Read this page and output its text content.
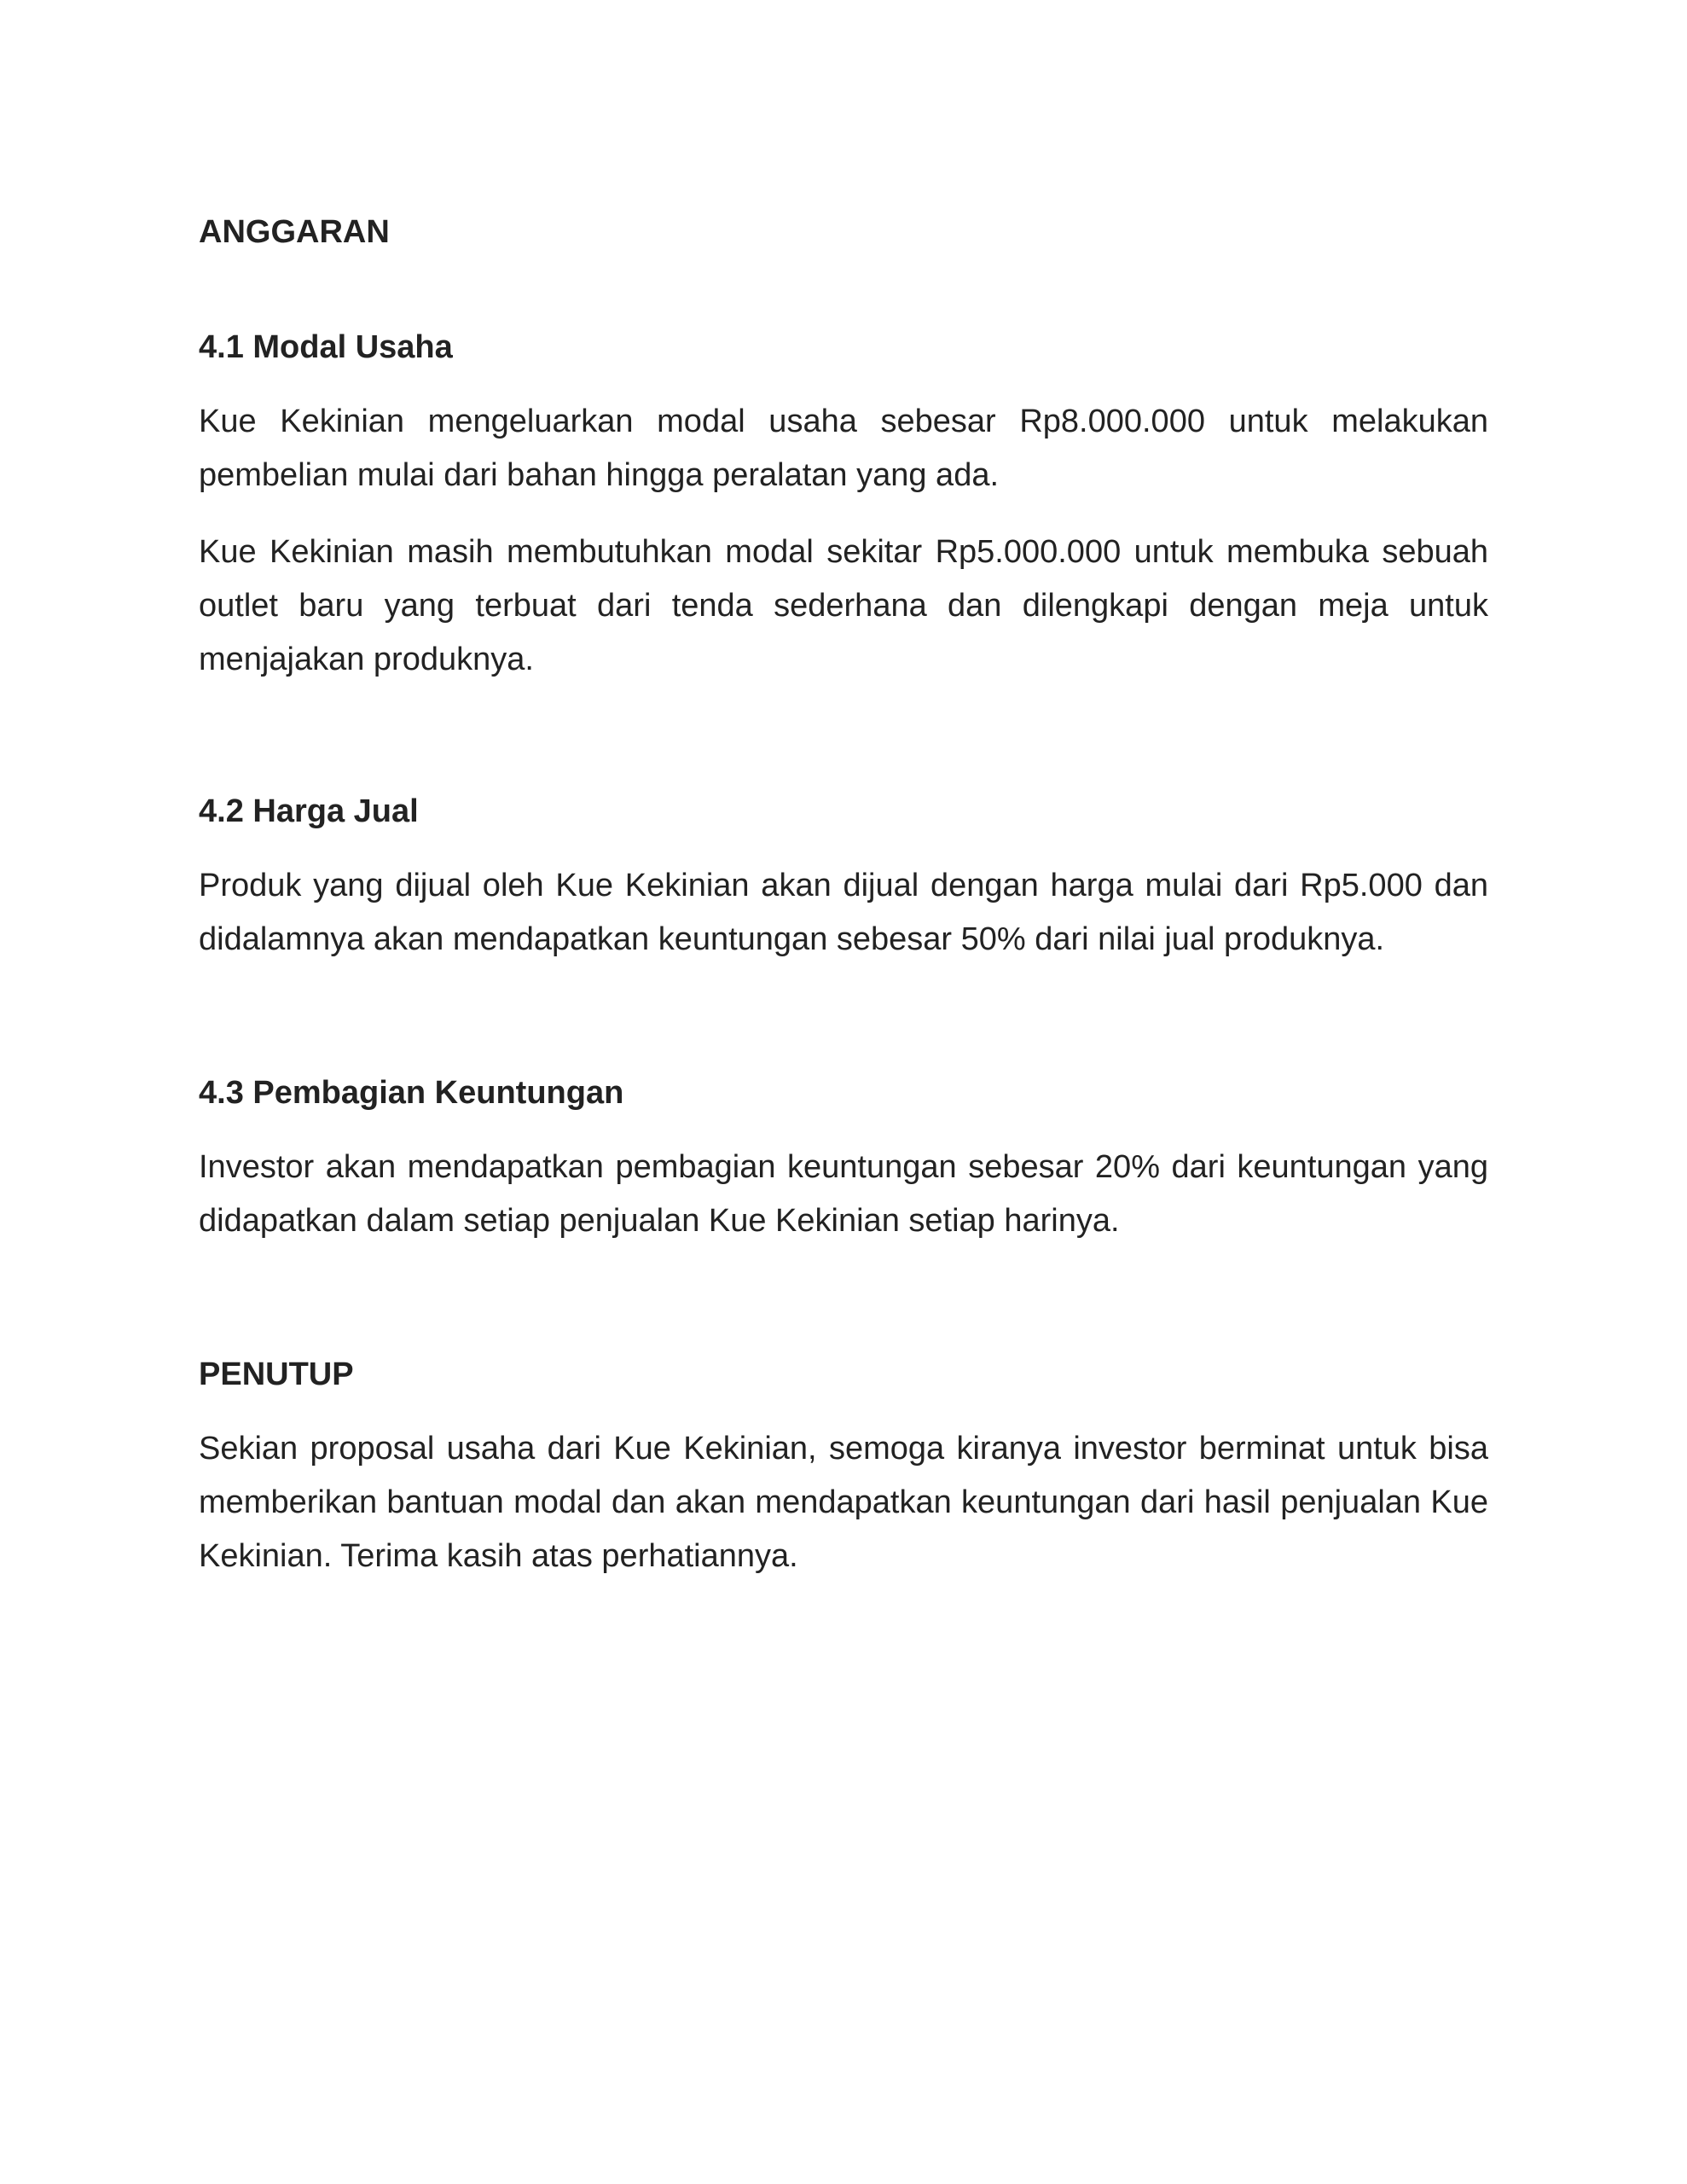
ANGGARAN
4.1 Modal Usaha

Kue Kekinian mengeluarkan modal usaha sebesar Rp8.000.000 untuk melakukan pembelian mulai dari bahan hingga peralatan yang ada.

Kue Kekinian masih membutuhkan modal sekitar Rp5.000.000 untuk membuka sebuah outlet baru yang terbuat dari tenda sederhana dan dilengkapi dengan meja untuk menjajakan produknya.

4.2 Harga Jual

Produk yang dijual oleh Kue Kekinian akan dijual dengan harga mulai dari Rp5.000 dan didalamnya akan mendapatkan keuntungan sebesar 50% dari nilai jual produknya.

4.3 Pembagian Keuntungan

Investor akan mendapatkan pembagian keuntungan sebesar 20% dari keuntungan yang didapatkan dalam setiap penjualan Kue Kekinian setiap harinya.

PENUTUP

Sekian proposal usaha dari Kue Kekinian, semoga kiranya investor berminat untuk bisa memberikan bantuan modal dan akan mendapatkan keuntungan dari hasil penjualan Kue Kekinian. Terima kasih atas perhatiannya.
